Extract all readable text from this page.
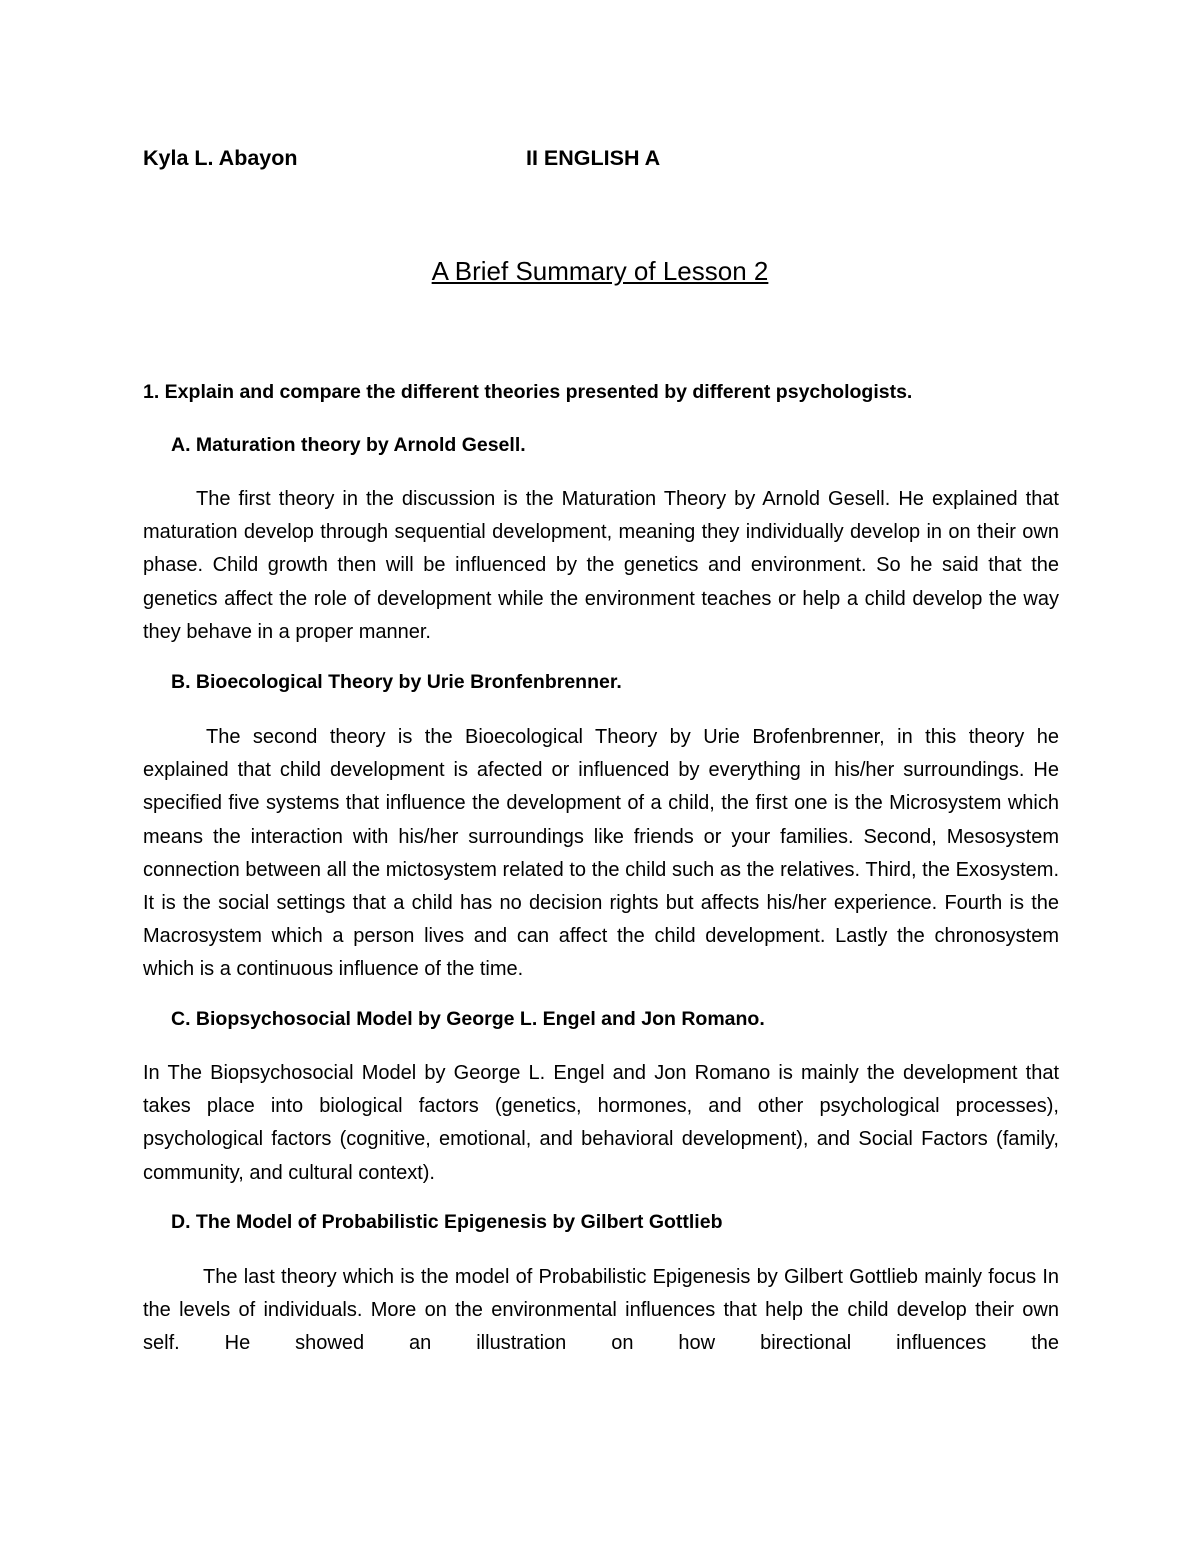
Kyla L. Abayon	II ENGLISH A
A Brief Summary of Lesson 2
1. Explain and compare the different theories presented by different psychologists.
A. Maturation theory by Arnold Gesell.
The first theory in the discussion is the Maturation Theory by Arnold Gesell. He explained that maturation develop through sequential development, meaning they individually develop in on their own phase. Child growth then will be influenced by the genetics and environment. So he said that the genetics affect the role of development while the environment teaches or help a child develop the way they behave in a proper manner.
B. Bioecological Theory by Urie Bronfenbrenner.
The second theory is the Bioecological Theory by Urie Brofenbrenner, in this theory he explained that child development is afected or influenced by everything in his/her surroundings. He specified five systems that influence the development of a child, the first one is the Microsystem which means the interaction with his/her surroundings like friends or your families. Second, Mesosystem connection between all the mictosystem related to the child such as the relatives. Third, the Exosystem. It is the social settings that a child has no decision rights but affects his/her experience. Fourth is the Macrosystem which a person lives and can affect the child development. Lastly the chronosystem which is a continuous influence of the time.
C. Biopsychosocial Model by George L. Engel and Jon Romano.
In The Biopsychosocial Model by George L. Engel and Jon Romano is mainly the development that takes place into biological factors (genetics, hormones, and other psychological processes), psychological factors (cognitive, emotional, and behavioral development), and Social Factors (family, community, and cultural context).
D. The Model of Probabilistic Epigenesis by Gilbert Gottlieb
The last theory which is the model of Probabilistic Epigenesis by Gilbert Gottlieb mainly focus In the levels of individuals. More on the environmental influences that help the child develop their own self. He showed an illustration on how birectional influences the
